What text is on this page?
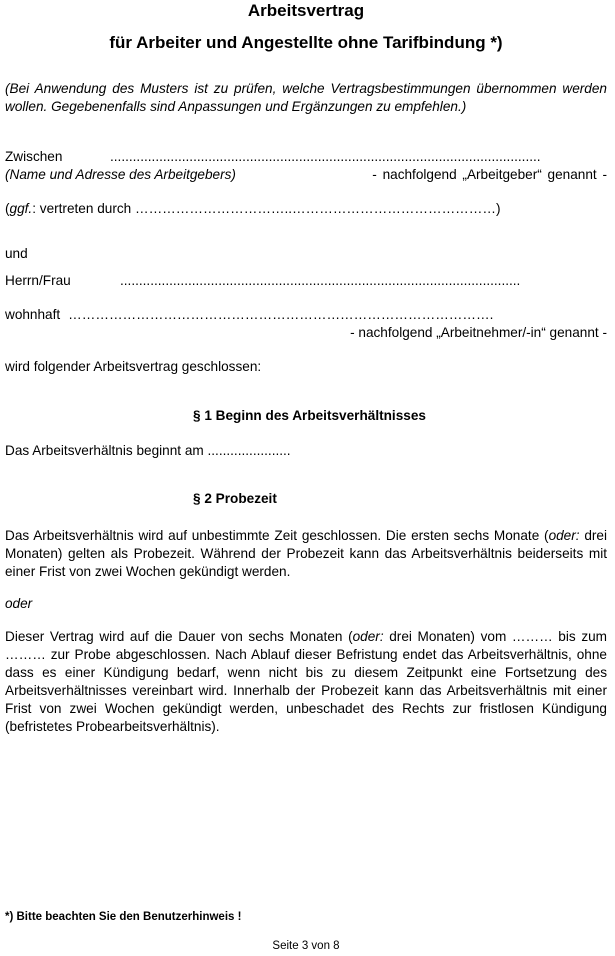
Arbeitsvertrag
für Arbeiter und Angestellte ohne Tarifbindung *)
(Bei Anwendung des Musters ist zu prüfen, welche Vertragsbestimmungen übernommen werden wollen. Gegebenenfalls sind Anpassungen und Ergänzungen zu empfehlen.)
Zwischen	..................................................................................................................
(Name und Adresse des Arbeitgebers)	- nachfolgend „Arbeitgeber“ genannt -
(ggf.: vertreten durch ……………………………..………………………………………)
und
Herrn/Frau	..........................................................................................................
wohnhaft ………………………………………………………………………………….
- nachfolgend „Arbeitnehmer/-in“ genannt -
wird folgender Arbeitsvertrag geschlossen:
§ 1 Beginn des Arbeitsverhältnisses
Das Arbeitsverhältnis beginnt am ......................
§ 2 Probezeit
Das Arbeitsverhältnis wird auf unbestimmte Zeit geschlossen. Die ersten sechs Monate (oder: drei Monaten) gelten als Probezeit. Während der Probezeit kann das Arbeitsverhältnis beiderseits mit einer Frist von zwei Wochen gekündigt werden.
oder
Dieser Vertrag wird auf die Dauer von sechs Monaten (oder: drei Monaten) vom ……… bis zum ……… zur Probe abgeschlossen. Nach Ablauf dieser Befristung endet das Arbeitsverhältnis, ohne dass es einer Kündigung bedarf, wenn nicht bis zu diesem Zeitpunkt eine Fortsetzung des Arbeitsverhältnisses vereinbart wird. Innerhalb der Probezeit kann das Arbeitsverhältnis mit einer Frist von zwei Wochen gekündigt werden, unbeschadet des Rechts zur fristlosen Kündigung (befristetes Probearbeitsverhältnis).
*) Bitte beachten Sie den Benutzerhinweis !
Seite 3 von 8
